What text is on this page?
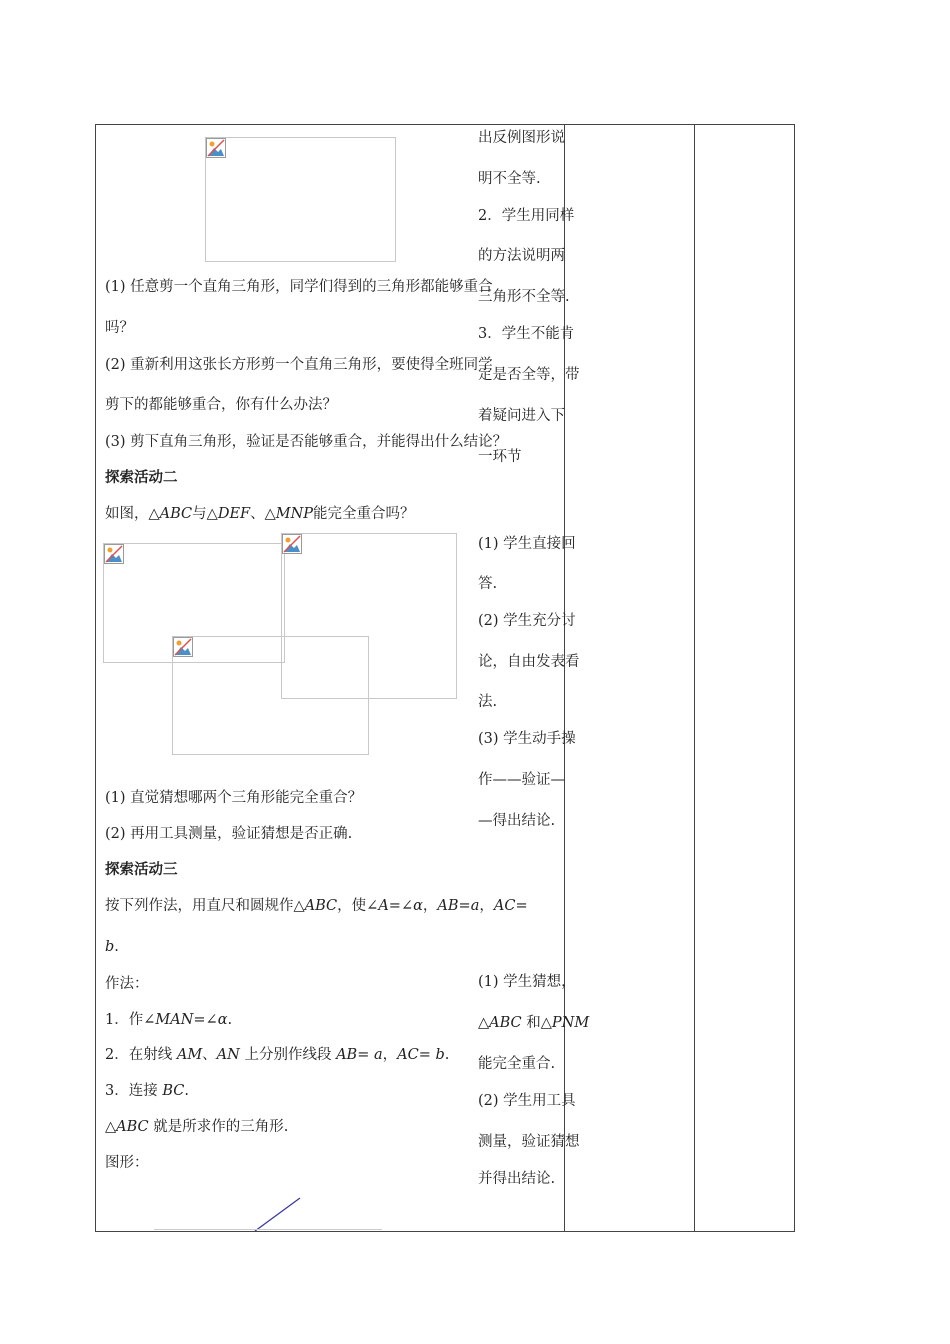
(1) 任意剪一个直角三角形，同学们得到的三角形都能够重合
吗？
(2) 重新利用这张长方形剪一个直角三角形，要使得全班同学
剪下的都能够重合，你有什么办法？
(3) 剪下直角三角形，验证是否能够重合，并能得出什么结论？
探索活动二
如图，△ABC与△DEF、△MNP能完全重合吗？
(1) 直觉猜想哪两个三角形能完全重合？
(2) 再用工具测量，验证猜想是否正确.
探索活动三
按下列作法，用直尺和圆规作△ABC，使∠A=∠α，AB=a，AC=
b.
作法：
1．作∠MAN=∠α.
2．在射线 AM、AN 上分别作线段 AB= a，AC= b.
3．连接 BC.
△ABC 就是所求作的三角形.
图形：
出反例图形说
明不全等.
2．学生用同样
的方法说明两
三角形不全等.
3．学生不能肯
定是否全等，带
着疑问进入下
一环节
(1) 学生直接回
答.
(2) 学生充分讨
论，自由发表看
法.
(3) 学生动手操
作——验证—
—得出结论.
(1) 学生猜想，
△ABC 和△PNM
能完全重合.
(2) 学生用工具
测量，验证猜想
并得出结论.
